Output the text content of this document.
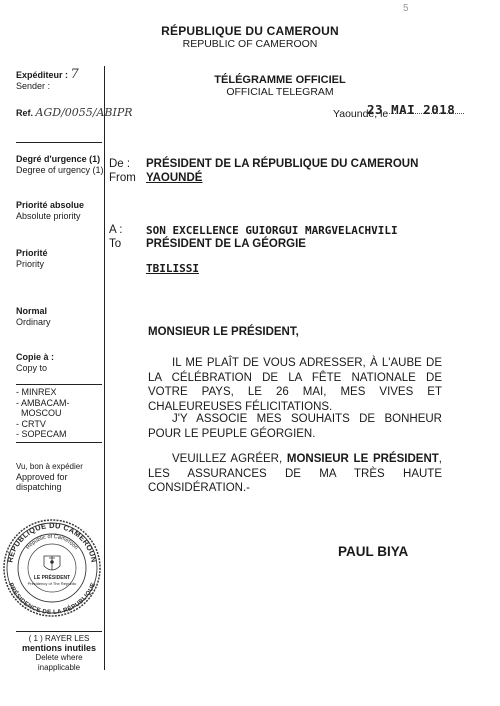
5
RÉPUBLIQUE DU CAMEROUN
REPUBLIC OF CAMEROON
TÉLÉGRAMME OFFICIEL
OFFICIAL TELEGRAM
Expéditeur : 7
Sender :
Ref. AGD/0055/ABIPR
Degré d'urgence (1)
Degree of urgency (1)
Priorité absolue
Absolute priority
Priorité
Priority
Normal
Ordinary
Copie à :
Copy to
- MINREX
- AMBACAM-
MOSCOU
- CRTV
- SOPECAM
Vu, bon à expédier
Approved for
dispatching
RÉPUBLIQUE DU CAMEROUN
PRÉSIDENCE DE LA RÉPUBLIQUE
Republic of Cameroon
LE PRÉSIDENT
Presidency of The Republic
( 1 ) RAYER LES
mentions inutiles
Delete where
inapplicable
Yaoundé, le
23 MAI 2018
De : PRÉSIDENT DE LA RÉPUBLIQUE DU CAMEROUN
From YAOUNDÉ
A : SON EXCELLENCE GUIORGUI MARGVELACHVILI
To PRÉSIDENT DE LA GÉORGIE
TBILISSI
MONSIEUR LE PRÉSIDENT,
IL ME PLAÎT DE VOUS ADRESSER, À L'AUBE DE LA CÉLÉBRATION DE LA FÊTE NATIONALE DE VOTRE PAYS, LE 26 MAI, MES VIVES ET CHALEUREUSES FÉLICITATIONS.
J'Y ASSOCIE MES SOUHAITS DE BONHEUR POUR LE PEUPLE GÉORGIEN.
VEUILLEZ AGRÉER, MONSIEUR LE PRÉSIDENT, LES ASSURANCES DE MA TRÈS HAUTE CONSIDÉRATION.-
PAUL BIYA
